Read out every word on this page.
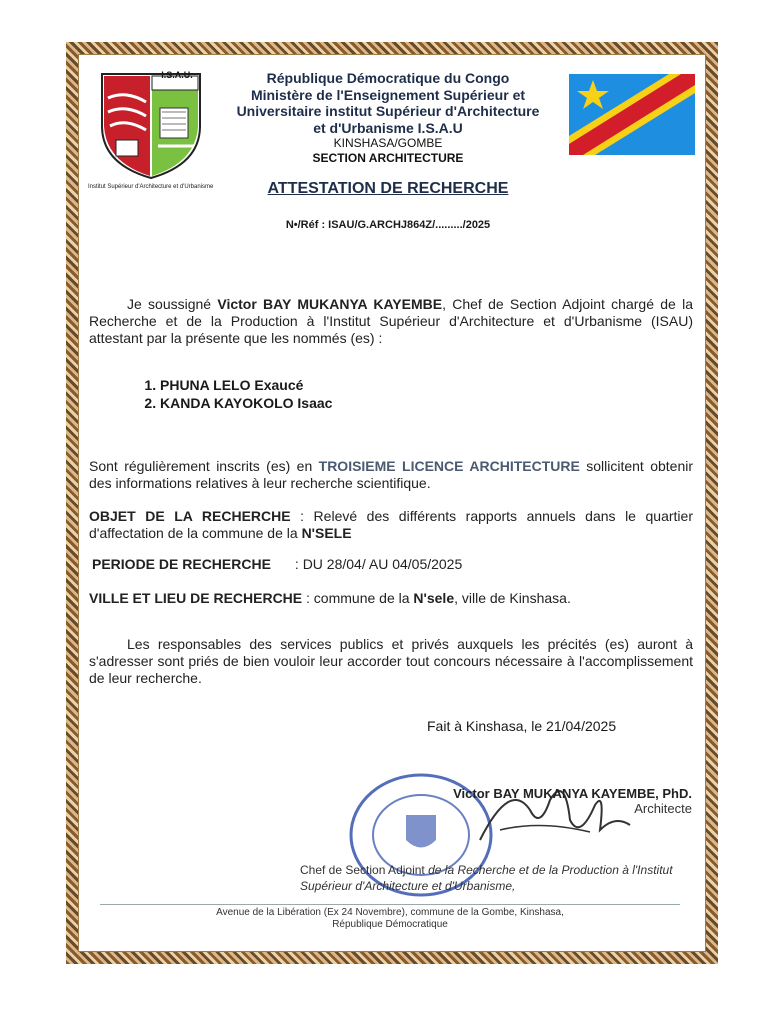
I.S.A.U.
Institut Supérieur d'Architecture et d'Urbanisme
République Démocratique du Congo
Ministère de l'Enseignement Supérieur et
Universitaire institut Supérieur d'Architecture
et d'Urbanisme I.S.A.U
KINSHASA/GOMBE
SECTION ARCHITECTURE
ATTESTATION DE RECHERCHE
N•/Réf : ISAU/G.ARCHJ864Z/........./2025
Je soussigné Victor BAY MUKANYA KAYEMBE, Chef de Section Adjoint chargé de la Recherche et de la Production à l'Institut Supérieur d'Architecture et d'Urbanisme (ISAU) attestant par la présente que les nommés (es) :
1. PHUNA LELO Exaucé
2. KANDA KAYOKOLO Isaac
Sont régulièrement inscrits (es) en TROISIEME LICENCE ARCHITECTURE sollicitent obtenir des informations relatives à leur recherche scientifique.
OBJET DE LA RECHERCHE : Relevé des différents rapports annuels dans le quartier d'affectation de la commune de la N'SELE
PERIODE DE RECHERCHE : DU 28/04/ AU 04/05/2025
VILLE ET LIEU DE RECHERCHE : commune de la N'sele, ville de Kinshasa.
Les responsables des services publics et privés auxquels les précités (es) auront à s'adresser sont priés de bien vouloir leur accorder tout concours nécessaire à l'accomplissement de leur recherche.
Fait à Kinshasa, le 21/04/2025
Victor BAY MUKANYA KAYEMBE, PhD.
Architecte
Chef de Section Adjoint de la Recherche et de la Production à l'Institut Supérieur d'Architecture et d'Urbanisme,
Avenue de la Libération (Ex 24 Novembre), commune de la Gombe, Kinshasa,
République Démocratique
